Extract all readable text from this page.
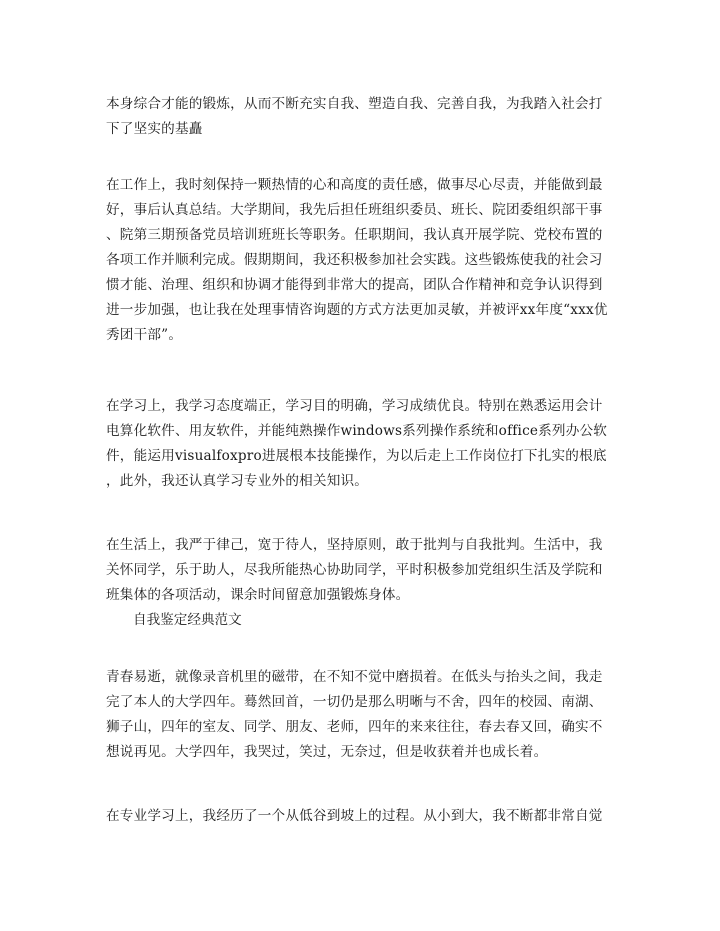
本身综合才能的锻炼，从而不断充实自我、塑造自我、完善自我，为我踏入社会打
下了坚实的基矗
在工作上，我时刻保持一颗热情的心和高度的责任感，做事尽心尽责，并能做到最
好，事后认真总结。大学期间，我先后担任班组织委员、班长、院团委组织部干事
、院第三期预备党员培训班班长等职务。任职期间，我认真开展学院、党校布置的
各项工作并顺利完成。假期期间，我还积极参加社会实践。这些锻炼使我的社会习
惯才能、治理、组织和协调才能得到非常大的提高，团队合作精神和竞争认识得到
进一步加强，也让我在处理事情咨询题的方式方法更加灵敏，并被评xx年度“xxx优
秀团干部”。
在学习上，我学习态度端正，学习目的明确，学习成绩优良。特别在熟悉运用会计
电算化软件、用友软件，并能纯熟操作windows系列操作系统和office系列办公软
件，能运用visualfoxpro进展根本技能操作，为以后走上工作岗位打下扎实的根底
，此外，我还认真学习专业外的相关知识。
在生活上，我严于律己，宽于待人，坚持原则，敢于批判与自我批判。生活中，我
关怀同学，乐于助人，尽我所能热心协助同学，平时积极参加党组织生活及学院和
班集体的各项活动，课余时间留意加强锻炼身体。
自我鉴定经典范文
青春易逝，就像录音机里的磁带，在不知不觉中磨损着。在低头与抬头之间，我走
完了本人的大学四年。蓦然回首，一切仍是那么明晰与不舍，四年的校园、南湖、
狮子山，四年的室友、同学、朋友、老师，四年的来来往往，春去春又回，确实不
想说再见。大学四年，我哭过，笑过，无奈过，但是收获着并也成长着。
在专业学习上，我经历了一个从低谷到坡上的过程。从小到大，我不断都非常自觉
